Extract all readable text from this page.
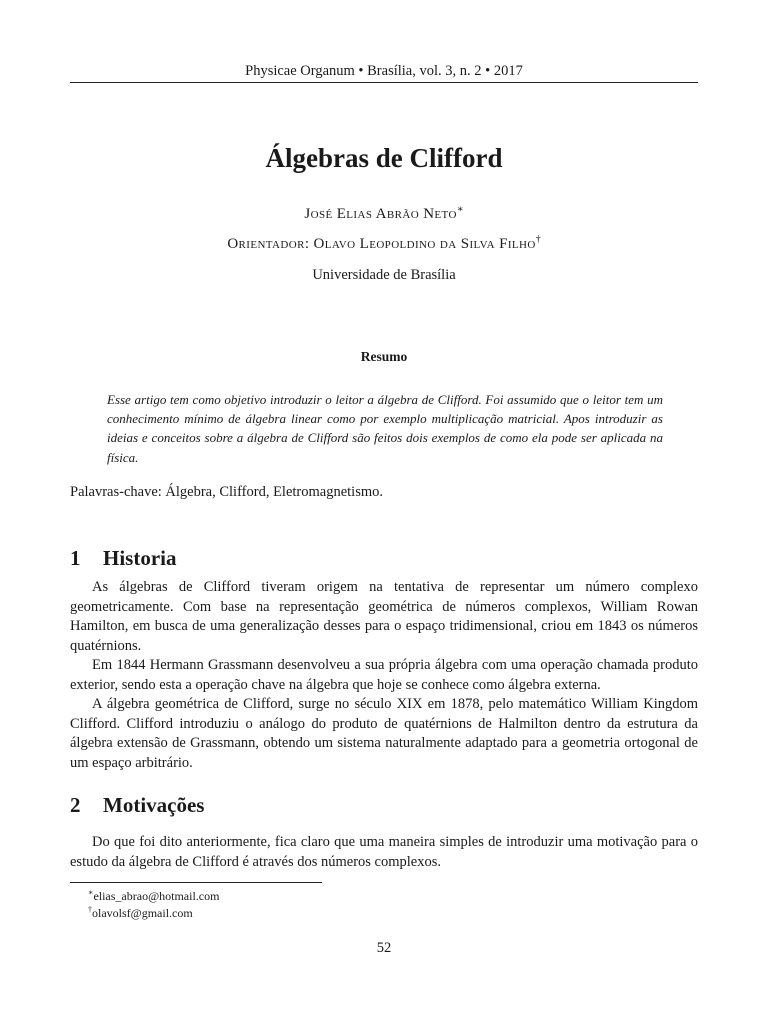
Physicae Organum • Brasília, vol. 3, n. 2 • 2017
Álgebras de Clifford
José Elias Abrão Neto∗
Orientador: Olavo Leopoldino da Silva Filho†
Universidade de Brasília
Resumo
Esse artigo tem como objetivo introduzir o leitor a álgebra de Clifford. Foi assumido que o leitor tem um conhecimento mínimo de álgebra linear como por exemplo multiplicação matricial. Apos introduzir as ideias e conceitos sobre a álgebra de Clifford são feitos dois exemplos de como ela pode ser aplicada na física.
Palavras-chave: Álgebra, Clifford, Eletromagnetismo.
1 Historia

As álgebras de Clifford tiveram origem na tentativa de representar um número complexo geometricamente. Com base na representação geométrica de números complexos, William Rowan Hamilton, em busca de uma generalização desses para o espaço tridimensional, criou em 1843 os números quatérnions.

Em 1844 Hermann Grassmann desenvolveu a sua própria álgebra com uma operação chamada produto exterior, sendo esta a operação chave na álgebra que hoje se conhece como álgebra externa.

A álgebra geométrica de Clifford, surge no século XIX em 1878, pelo matemático William Kingdom Clifford. Clifford introduziu o análogo do produto de quatérnions de Halmilton dentro da estrutura da álgebra extensão de Grassmann, obtendo um sistema naturalmente adaptado para a geometria ortogonal de um espaço arbitrário.

2 Motivações

Do que foi dito anteriormente, fica claro que uma maneira simples de introduzir uma motivação para o estudo da álgebra de Clifford é através dos números complexos.

∗elias_abrao@hotmail.com
†olavolsf@gmail.com
52
